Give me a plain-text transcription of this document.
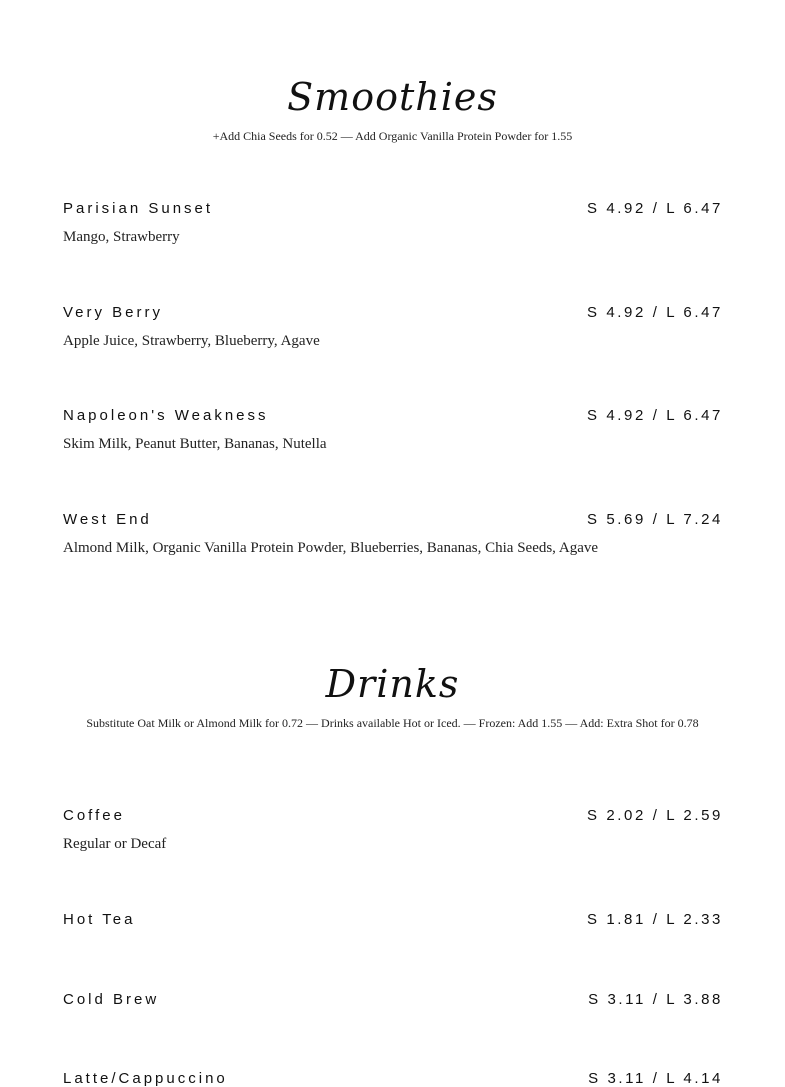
Smoothies

+Add Chia Seeds for 0.52 — Add Organic Vanilla Protein Powder for 1.55

Parisian Sunset	S 4.92 / L 6.47
Mango, Strawberry
Very Berry	S 4.92 / L 6.47
Apple Juice, Strawberry, Blueberry, Agave
Napoleon's Weakness	S 4.92 / L 6.47
Skim Milk, Peanut Butter, Bananas, Nutella
West End	S 5.69 / L 7.24
Almond Milk, Organic Vanilla Protein Powder, Blueberries, Bananas, Chia Seeds, Agave
Drinks

Substitute Oat Milk or Almond Milk for 0.72 — Drinks available Hot or Iced. — Frozen: Add 1.55 — Add: Extra Shot for 0.78

Coffee	S 2.02 / L 2.59
Regular or Decaf
Hot Tea	S 1.81 / L 2.33
Cold Brew	S 3.11 / L 3.88
Latte/Cappuccino	S 3.11 / L 4.14
